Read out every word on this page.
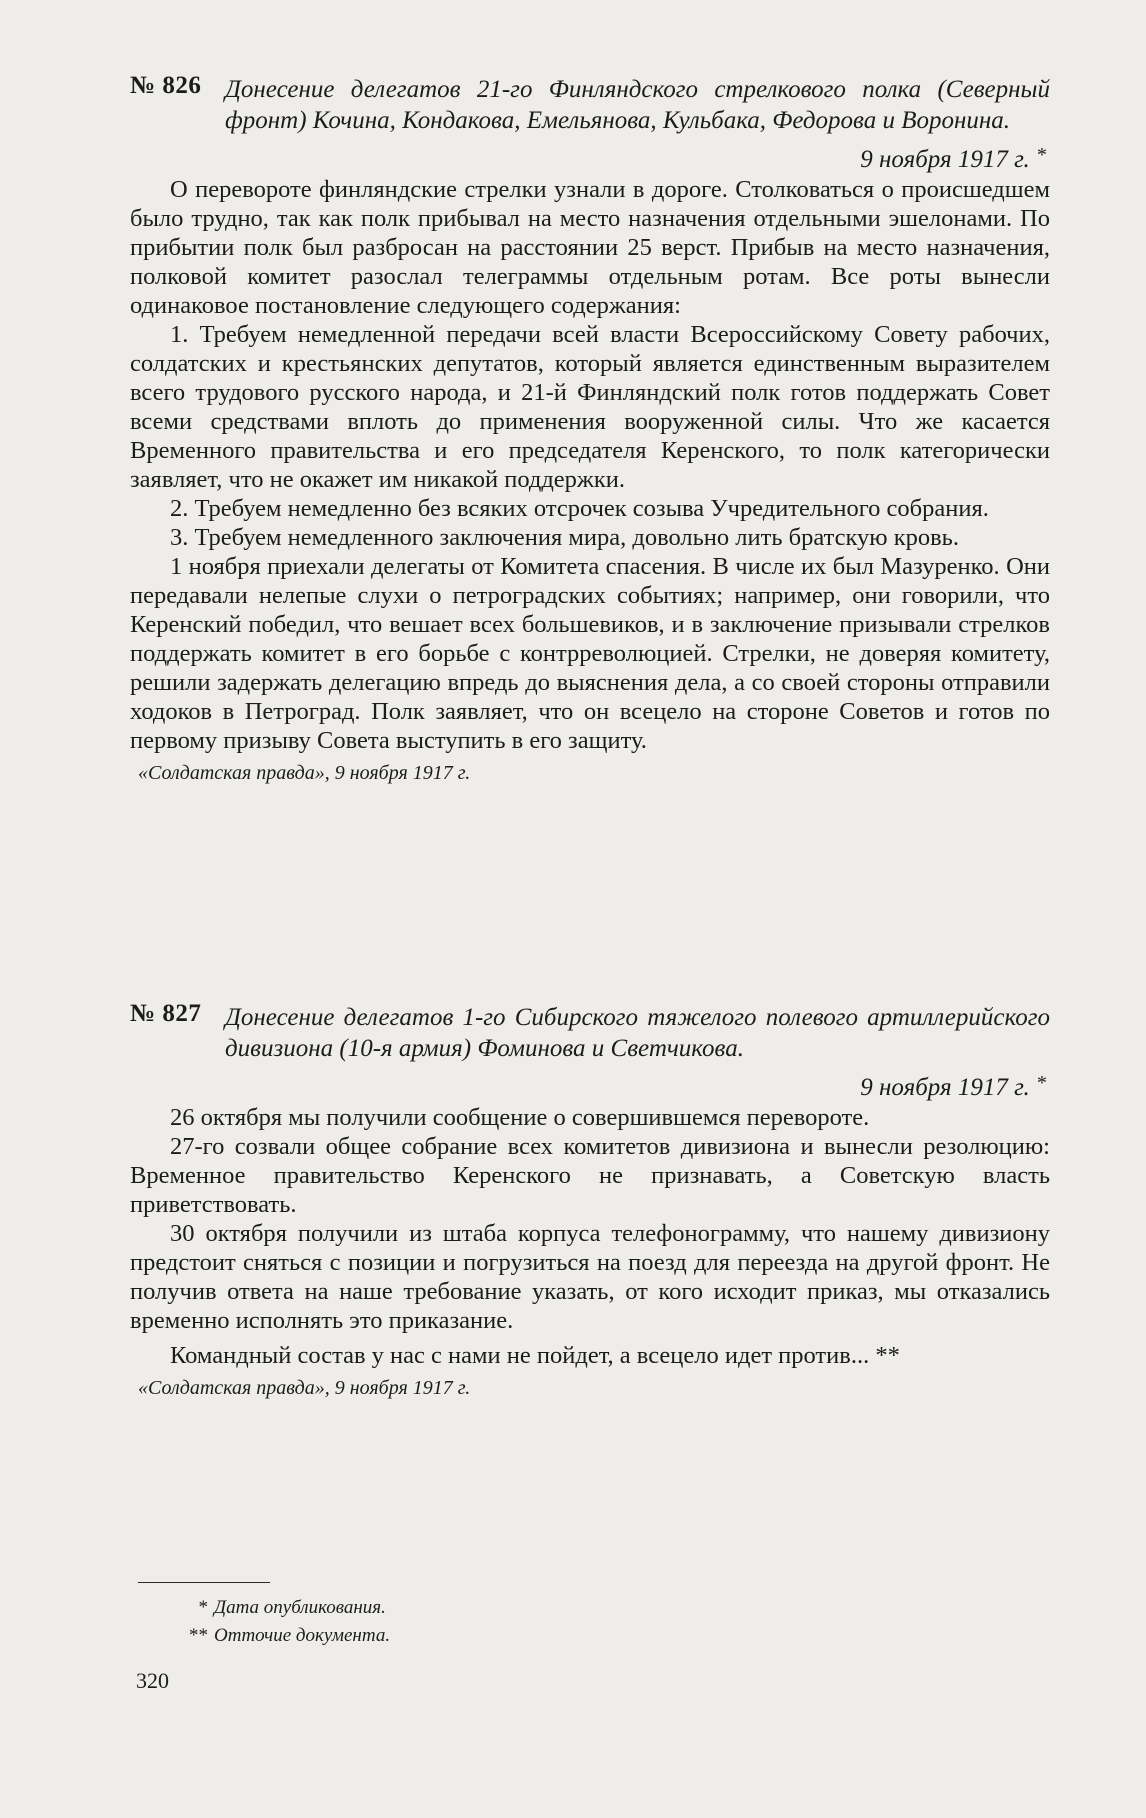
№ 826 Донесение делегатов 21-го Финляндского стрелкового полка (Северный фронт) Кочина, Кондакова, Емельянова, Кульбака, Федорова и Воронина.
9 ноября 1917 г. *

О перевороте финляндские стрелки узнали в дороге. Столковаться о происшедшем было трудно, так как полк прибывал на место назначения отдельными эшелонами. По прибытии полк был разбросан на расстоянии 25 верст. Прибыв на место назначения, полковой комитет разослал телеграммы отдельным ротам. Все роты вынесли одинаковое постановление следующего содержания:

1. Требуем немедленной передачи всей власти Всероссийскому Совету рабочих, солдатских и крестьянских депутатов, который является единственным выразителем всего трудового русского народа, и 21-й Финляндский полк готов поддержать Совет всеми средствами вплоть до применения вооруженной силы. Что же касается Временного правительства и его председателя Керенского, то полк категорически заявляет, что не окажет им никакой поддержки.

2. Требуем немедленно без всяких отсрочек созыва Учредительного собрания.

3. Требуем немедленного заключения мира, довольно лить братскую кровь.

1 ноября приехали делегаты от Комитета спасения. В числе их был Мазуренко. Они передавали нелепые слухи о петроградских событиях; например, они говорили, что Керенский победил, что вешает всех большевиков, и в заключение призывали стрелков поддержать комитет в его борьбе с контрреволюцией. Стрелки, не доверяя комитету, решили задержать делегацию впредь до выяснения дела, а со своей стороны отправили ходоков в Петроград. Полк заявляет, что он всецело на стороне Советов и готов по первому призыву Совета выступить в его защиту.

«Солдатская правда», 9 ноября 1917 г.
№ 827 Донесение делегатов 1-го Сибирского тяжелого полевого артиллерийского дивизиона (10-я армия) Фоминова и Светчикова.
9 ноября 1917 г. *

26 октября мы получили сообщение о совершившемся перевороте.

27-го созвали общее собрание всех комитетов дивизиона и вынесли резолюцию: Временное правительство Керенского не признавать, а Советскую власть приветствовать.

30 октября получили из штаба корпуса телефонограмму, что нашему дивизиону предстоит сняться с позиции и погрузиться на поезд для переезда на другой фронт. Не получив ответа на наше требование указать, от кого исходит приказ, мы отказались временно исполнять это приказание.

Командный состав у нас с нами не пойдет, а всецело идет против... **

«Солдатская правда», 9 ноября 1917 г.
* Дата опубликования.
** Отточие документа.
320
